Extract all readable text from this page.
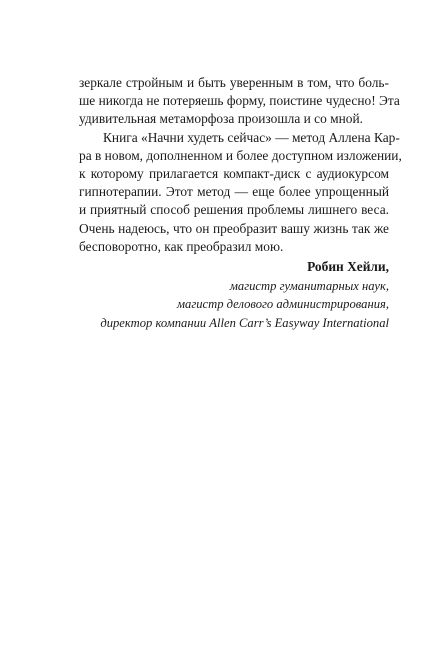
зеркале стройным и быть уверенным в том, что боль-
ше никогда не потеряешь форму, поистине чудесно! Эта
удивительная метаморфоза произошла и со мной.
Книга «Начни худеть сейчас» — метод Аллена Кар-
ра в новом, дополненном и более доступном изложении,
к которому прилагается компакт-диск с аудиокурсом
гипнотерапии. Этот метод — еще более упрощенный
и приятный способ решения проблемы лишнего веса.
Очень надеюсь, что он преобразит вашу жизнь так же
бесповоротно, как преобразил мою.
Робин Хейли,
магистр гуманитарных наук,
магистр делового администрирования,
директор компании Allen Carr’s Easyway International
